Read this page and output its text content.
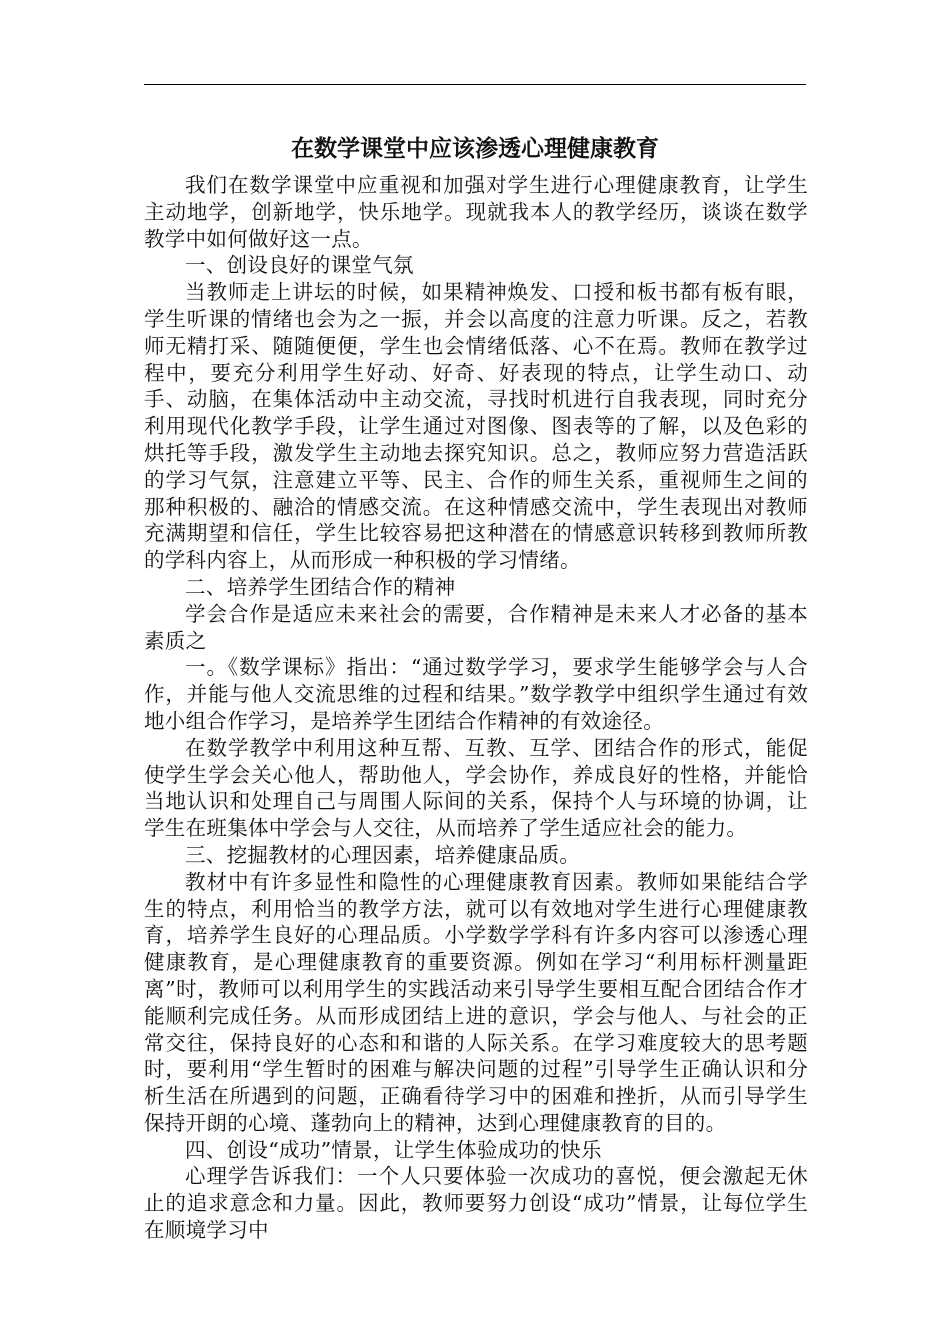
在数学课堂中应该渗透心理健康教育

我们在数学课堂中应重视和加强对学生进行心理健康教育，让学生主动地学，创新地学，快乐地学。现就我本人的教学经历，谈谈在数学教学中如何做好这一点。

一、创设良好的课堂气氛

当教师走上讲坛的时候，如果精神焕发、口授和板书都有板有眼，学生听课的情绪也会为之一振，并会以高度的注意力听课。反之，若教师无精打采、随随便便，学生也会情绪低落、心不在焉。教师在教学过程中，要充分利用学生好动、好奇、好表现的特点，让学生动口、动手、动脑，在集体活动中主动交流，寻找时机进行自我表现，同时充分利用现代化教学手段，让学生通过对图像、图表等的了解，以及色彩的烘托等手段，激发学生主动地去探究知识。总之，教师应努力营造活跃的学习气氛，注意建立平等、民主、合作的师生关系，重视师生之间的那种积极的、融洽的情感交流。在这种情感交流中，学生表现出对教师充满期望和信任，学生比较容易把这种潜在的情感意识转移到教师所教的学科内容上，从而形成一种积极的学习情绪。

二、培养学生团结合作的精神

学会合作是适应未来社会的需要，合作精神是未来人才必备的基本素质之

一。《数学课标》指出：“通过数学学习，要求学生能够学会与人合作，并能与他人交流思维的过程和结果。”数学教学中组织学生通过有效地小组合作学习，是培养学生团结合作精神的有效途径。

在数学教学中利用这种互帮、互教、互学、团结合作的形式，能促使学生学会关心他人，帮助他人，学会协作，养成良好的性格，并能恰当地认识和处理自己与周围人际间的关系，保持个人与环境的协调，让学生在班集体中学会与人交往，从而培养了学生适应社会的能力。

三、挖掘教材的心理因素，培养健康品质。

教材中有许多显性和隐性的心理健康教育因素。教师如果能结合学生的特点，利用恰当的教学方法，就可以有效地对学生进行心理健康教育，培养学生良好的心理品质。小学数学学科有许多内容可以渗透心理健康教育，是心理健康教育的重要资源。例如在学习“利用标杆测量距离”时，教师可以利用学生的实践活动来引导学生要相互配合团结合作才能顺利完成任务。从而形成团结上进的意识，学会与他人、与社会的正常交往，保持良好的心态和和谐的人际关系。在学习难度较大的思考题时，要利用“学生暂时的困难与解决问题的过程”引导学生正确认识和分析生活在所遇到的问题，正确看待学习中的困难和挫折，从而引导学生保持开朗的心境、蓬勃向上的精神，达到心理健康教育的目的。

四、创设“成功”情景，让学生体验成功的快乐

心理学告诉我们：一个人只要体验一次成功的喜悦，便会激起无休止的追求意念和力量。因此，教师要努力创设“成功”情景，让每位学生在顺境学习中
